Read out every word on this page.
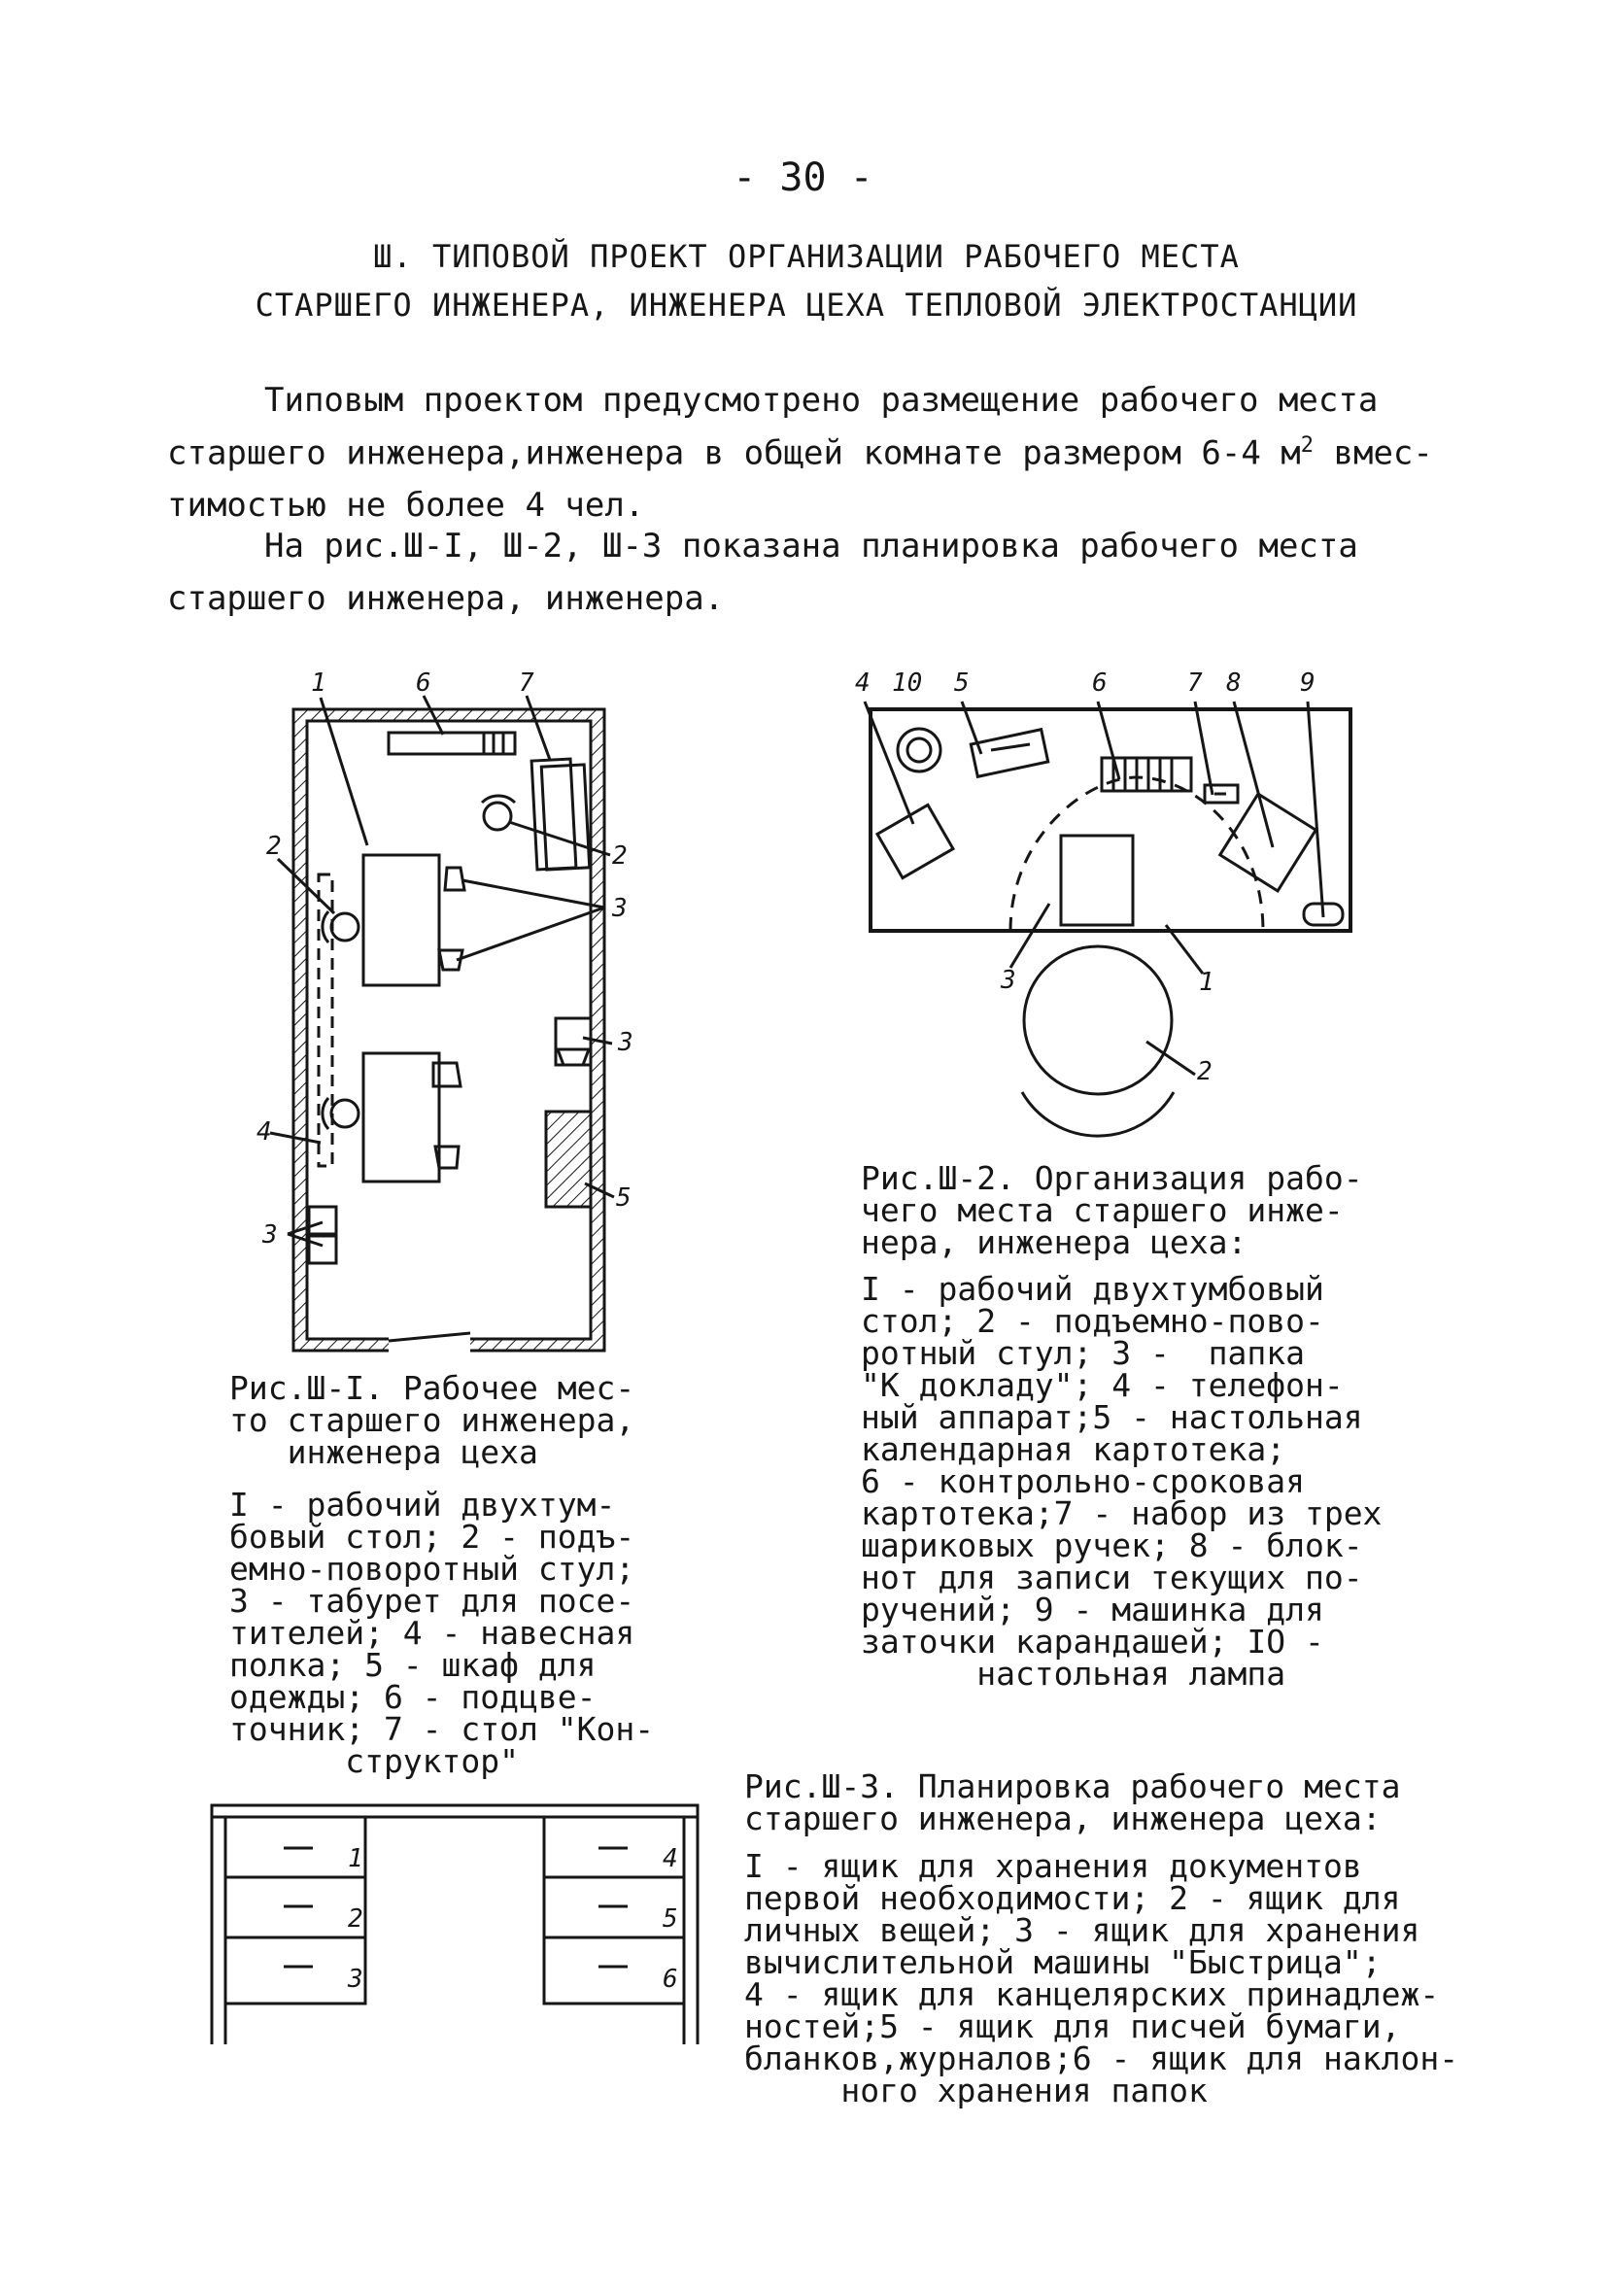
- 30 -
Ш. ТИПОВОЙ ПРОЕКТ ОРГАНИЗАЦИИ РАБОЧЕГО МЕСТА
СТАРШЕГО ИНЖЕНЕРА, ИНЖЕНЕРА ЦЕХА ТЕПЛОВОЙ ЭЛЕКТРОСТАНЦИИ
Типовым проектом предусмотрено размещение рабочего места
старшего инженера,инженера в общей комнате размером 6-4 $м^2$ вмес-
тимостью не более 4 чел.
На рис.Ш-I, Ш-2, Ш-3 показана планировка рабочего места
старшего инженера, инженера.
1	6	7
2
2
3
3
4
5
3
4 10 5	6	7 8 9
3	1
2
1
2
3
4
5
6
Рис.Ш-I. Рабочее мес-
то старшего инженера,
инженера цеха
I - рабочий двухтум-
бовый стол; 2 - подъ-
емно-поворотный стул;
3 - табурет для посе-
тителей; 4 - навесная
полка; 5 - шкаф для
одежды; 6 - подцве-
точник; 7 - стол "Кон-
структор"
Рис.Ш-2. Организация рабо-
чего места старшего инже-
нера, инженера цеха:
I - рабочий двухтумбовый
стол; 2 - подъемно-пово-
ротный стул; 3 -  папка
"К докладу"; 4 - телефон-
ный аппарат;5 - настольная
календарная картотека;
6 - контрольно-сроковая
картотека;7 - набор из трех
шариковых ручек; 8 - блок-
нот для записи текущих по-
ручений; 9 - машинка для
заточки карандашей; IO -
настольная лампа
Рис.Ш-3. Планировка рабочего места
старшего инженера, инженера цеха:
I - ящик для хранения документов
первой необходимости; 2 - ящик для
личных вещей; 3 - ящик для хранения
вычислительной машины "Быстрица";
4 - ящик для канцелярских принадлеж-
ностей;5 - ящик для писчей бумаги,
бланков,журналов;6 - ящик для наклон-
ного хранения папок
